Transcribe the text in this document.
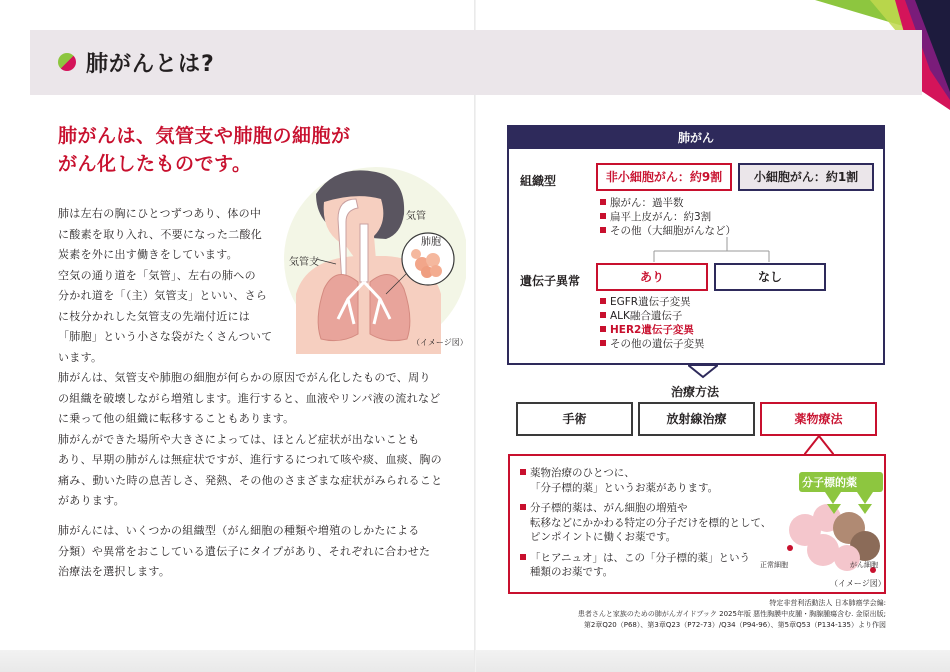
肺がんとは?
肺がんは、気管支や肺胞の細胞が
がん化したものです。
肺は左右の胸にひとつずつあり、体の中
に酸素を取り入れ、不要になった二酸化
炭素を外に出す働きをしています。
空気の通り道を「気管」、左右の肺への
分かれ道を「（主）気管支」といい、さら
に枝分かれした気管支の先端付近には
「肺胞」という小さな袋がたくさんついて
います。
気管
気管支
肺胞
（イメージ図）
肺がんは、気管支や肺胞の細胞が何らかの原因でがん化したもので、周り
の組織を破壊しながら増殖します。進行すると、血液やリンパ液の流れなど
に乗って他の組織に転移することもあります。
肺がんができた場所や大きさによっては、ほとんど症状が出ないことも
あり、早期の肺がんは無症状ですが、進行するにつれて咳や痰、血痰、胸の
痛み、動いた時の息苦しさ、発熱、その他のさまざまな症状がみられること
があります。
肺がんには、いくつかの組織型（がん細胞の種類や増殖のしかたによる
分類）や異常をおこしている遺伝子にタイプがあり、それぞれに合わせた
治療法を選択します。
肺がん
組織型	非小細胞がん：約9割	小細胞がん：約1割
腺がん：過半数
扁平上皮がん：約3割
その他（大細胞がんなど）
遺伝子異常	あり	なし
EGFR遺伝子変異
ALK融合遺伝子
HER2遺伝子変異
その他の遺伝子変異
治療方法
手術	放射線治療	薬物療法
薬物治療のひとつに、
「分子標的薬」というお薬があります。
分子標的薬は、がん細胞の増殖や
転移などにかかわる特定の分子だけを標的として、
ピンポイントに働くお薬です。
「ヒアニュオ」は、この「分子標的薬」という
種類のお薬です。
分子標的薬
正常細胞	がん細胞
（イメージ図）
特定非営利活動法人 日本肺癌学会編:
患者さんと家族のための肺がんガイドブック 2025年版 悪性胸膜中皮腫・胸腺腫瘍含む. 金原出版;
第2章Q20（P68）、第3章Q23（P72-73）/Q34（P94-96）、第5章Q53（P134-135）より作図
